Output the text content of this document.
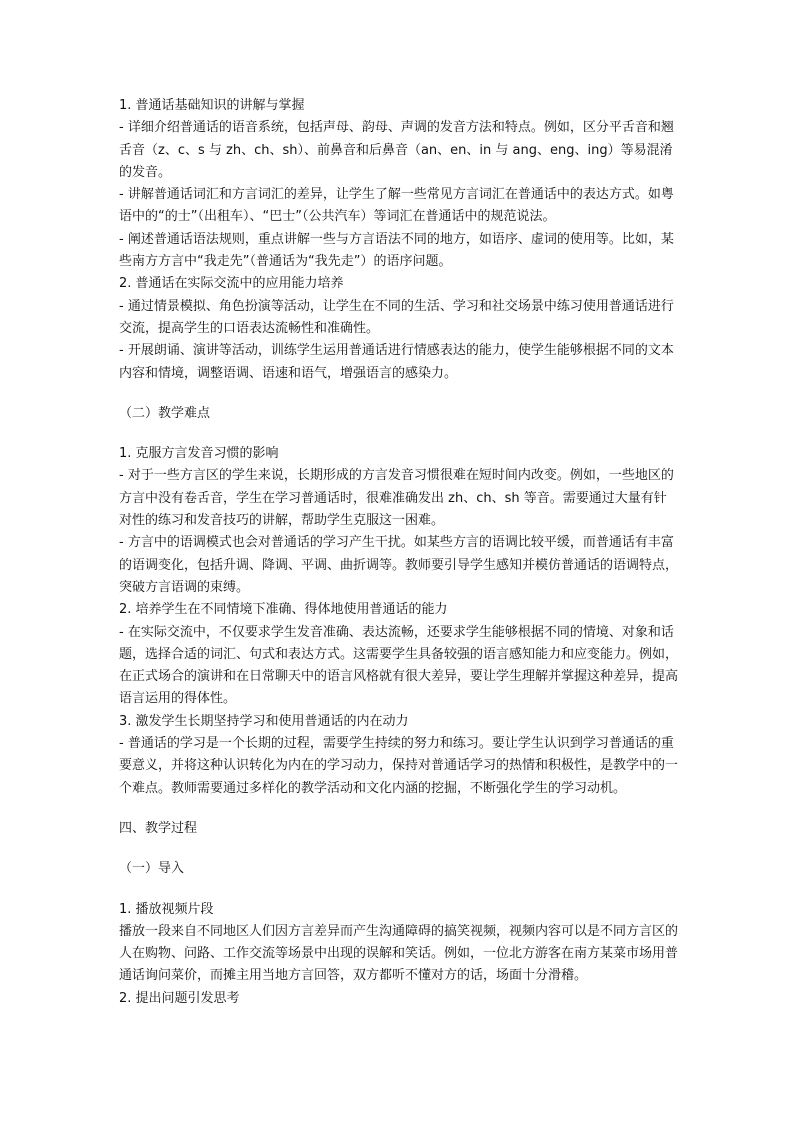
1. 普通话基础知识的讲解与掌握

- 详细介绍普通话的语音系统，包括声母、韵母、声调的发音方法和特点。例如，区分平舌音和翘舌音（z、c、s 与 zh、ch、sh）、前鼻音和后鼻音（an、en、in 与 ang、eng、ing）等易混淆的发音。

- 讲解普通话词汇和方言词汇的差异，让学生了解一些常见方言词汇在普通话中的表达方式。如粤语中的“的士”（出租车）、“巴士”（公共汽车）等词汇在普通话中的规范说法。

- 阐述普通话语法规则，重点讲解一些与方言语法不同的地方，如语序、虚词的使用等。比如，某些南方方言中“我走先”（普通话为“我先走”）的语序问题。

2. 普通话在实际交流中的应用能力培养

- 通过情景模拟、角色扮演等活动，让学生在不同的生活、学习和社交场景中练习使用普通话进行交流，提高学生的口语表达流畅性和准确性。

- 开展朗诵、演讲等活动，训练学生运用普通话进行情感表达的能力，使学生能够根据不同的文本内容和情境，调整语调、语速和语气，增强语言的感染力。

（二）教学难点

1. 克服方言发音习惯的影响

- 对于一些方言区的学生来说，长期形成的方言发音习惯很难在短时间内改变。例如，一些地区的方言中没有卷舌音，学生在学习普通话时，很难准确发出 zh、ch、sh 等音。需要通过大量有针对性的练习和发音技巧的讲解，帮助学生克服这一困难。

- 方言中的语调模式也会对普通话的学习产生干扰。如某些方言的语调比较平缓，而普通话有丰富的语调变化，包括升调、降调、平调、曲折调等。教师要引导学生感知并模仿普通话的语调特点，突破方言语调的束缚。

2. 培养学生在不同情境下准确、得体地使用普通话的能力

- 在实际交流中，不仅要求学生发音准确、表达流畅，还要求学生能够根据不同的情境、对象和话题，选择合适的词汇、句式和表达方式。这需要学生具备较强的语言感知能力和应变能力。例如，在正式场合的演讲和在日常聊天中的语言风格就有很大差异，要让学生理解并掌握这种差异，提高语言运用的得体性。

3. 激发学生长期坚持学习和使用普通话的内在动力

- 普通话的学习是一个长期的过程，需要学生持续的努力和练习。要让学生认识到学习普通话的重要意义，并将这种认识转化为内在的学习动力，保持对普通话学习的热情和积极性，是教学中的一个难点。教师需要通过多样化的教学活动和文化内涵的挖掘，不断强化学生的学习动机。

四、教学过程

（一）导入

1. 播放视频片段

播放一段来自不同地区人们因方言差异而产生沟通障碍的搞笑视频，视频内容可以是不同方言区的人在购物、问路、工作交流等场景中出现的误解和笑话。例如，一位北方游客在南方某菜市场用普通话询问菜价，而摊主用当地方言回答，双方都听不懂对方的话，场面十分滑稽。

2. 提出问题引发思考
